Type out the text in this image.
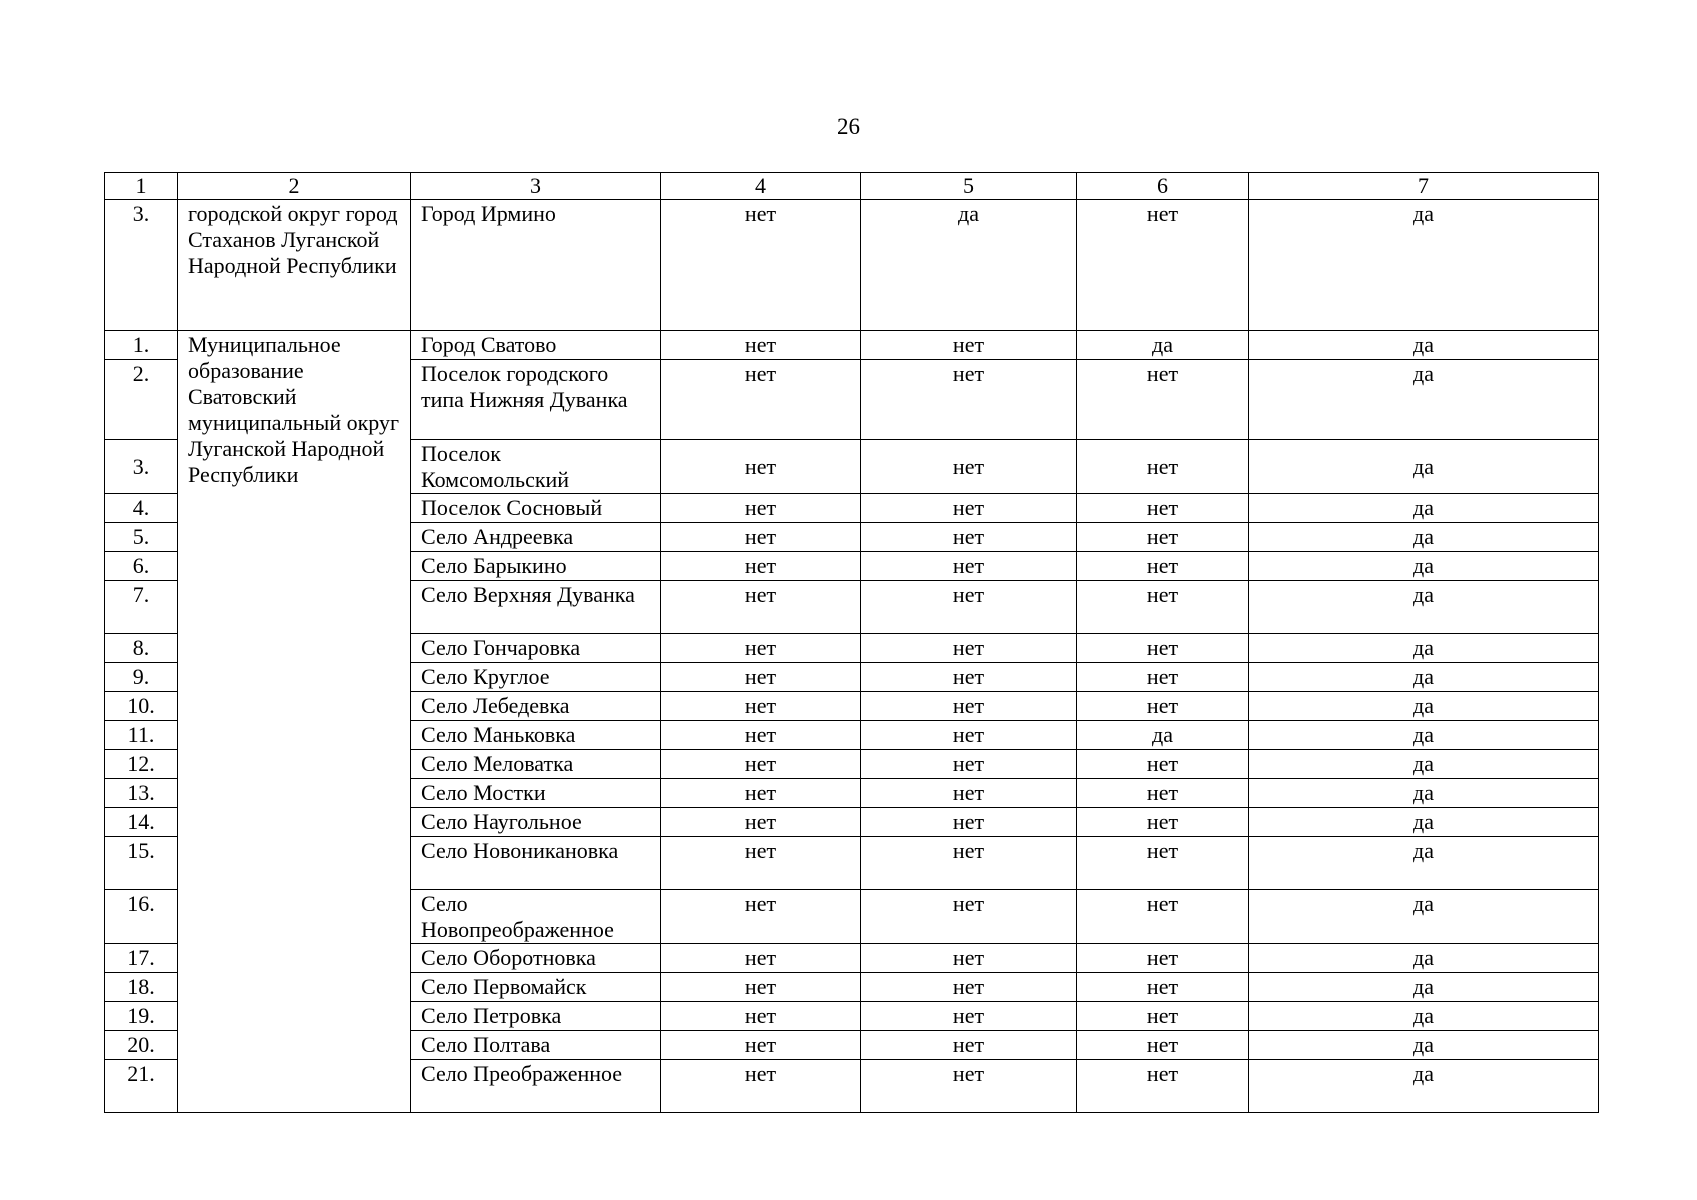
26
1	2	3	4	5	6	7
3.	городской округ город Стаханов Луганской Народной Республики	Город Ирмино	нет	да	нет	да
1.	Муниципальное образование Сватовский муниципальный округ Луганской Народной Республики	Город Сватово	нет	нет	да	да
2.		Поселок городского типа Нижняя Дуванка	нет	нет	нет	да
3.		Поселок Комсомольский	нет	нет	нет	да
4.		Поселок Сосновый	нет	нет	нет	да
5.		Село Андреевка	нет	нет	нет	да
6.		Село Барыкино	нет	нет	нет	да
7.		Село Верхняя Дуванка	нет	нет	нет	да
8.		Село Гончаровка	нет	нет	нет	да
9.		Село Круглое	нет	нет	нет	да
10.		Село Лебедевка	нет	нет	нет	да
11.		Село Маньковка	нет	нет	да	да
12.		Село Меловатка	нет	нет	нет	да
13.		Село Мостки	нет	нет	нет	да
14.		Село Наугольное	нет	нет	нет	да
15.		Село Новоникановка	нет	нет	нет	да
16.		Село Новопреображенное	нет	нет	нет	да
17.		Село Оборотновка	нет	нет	нет	да
18.		Село Первомайск	нет	нет	нет	да
19.		Село Петровка	нет	нет	нет	да
20.		Село Полтава	нет	нет	нет	да
21.		Село Преображенное	нет	нет	нет	да
